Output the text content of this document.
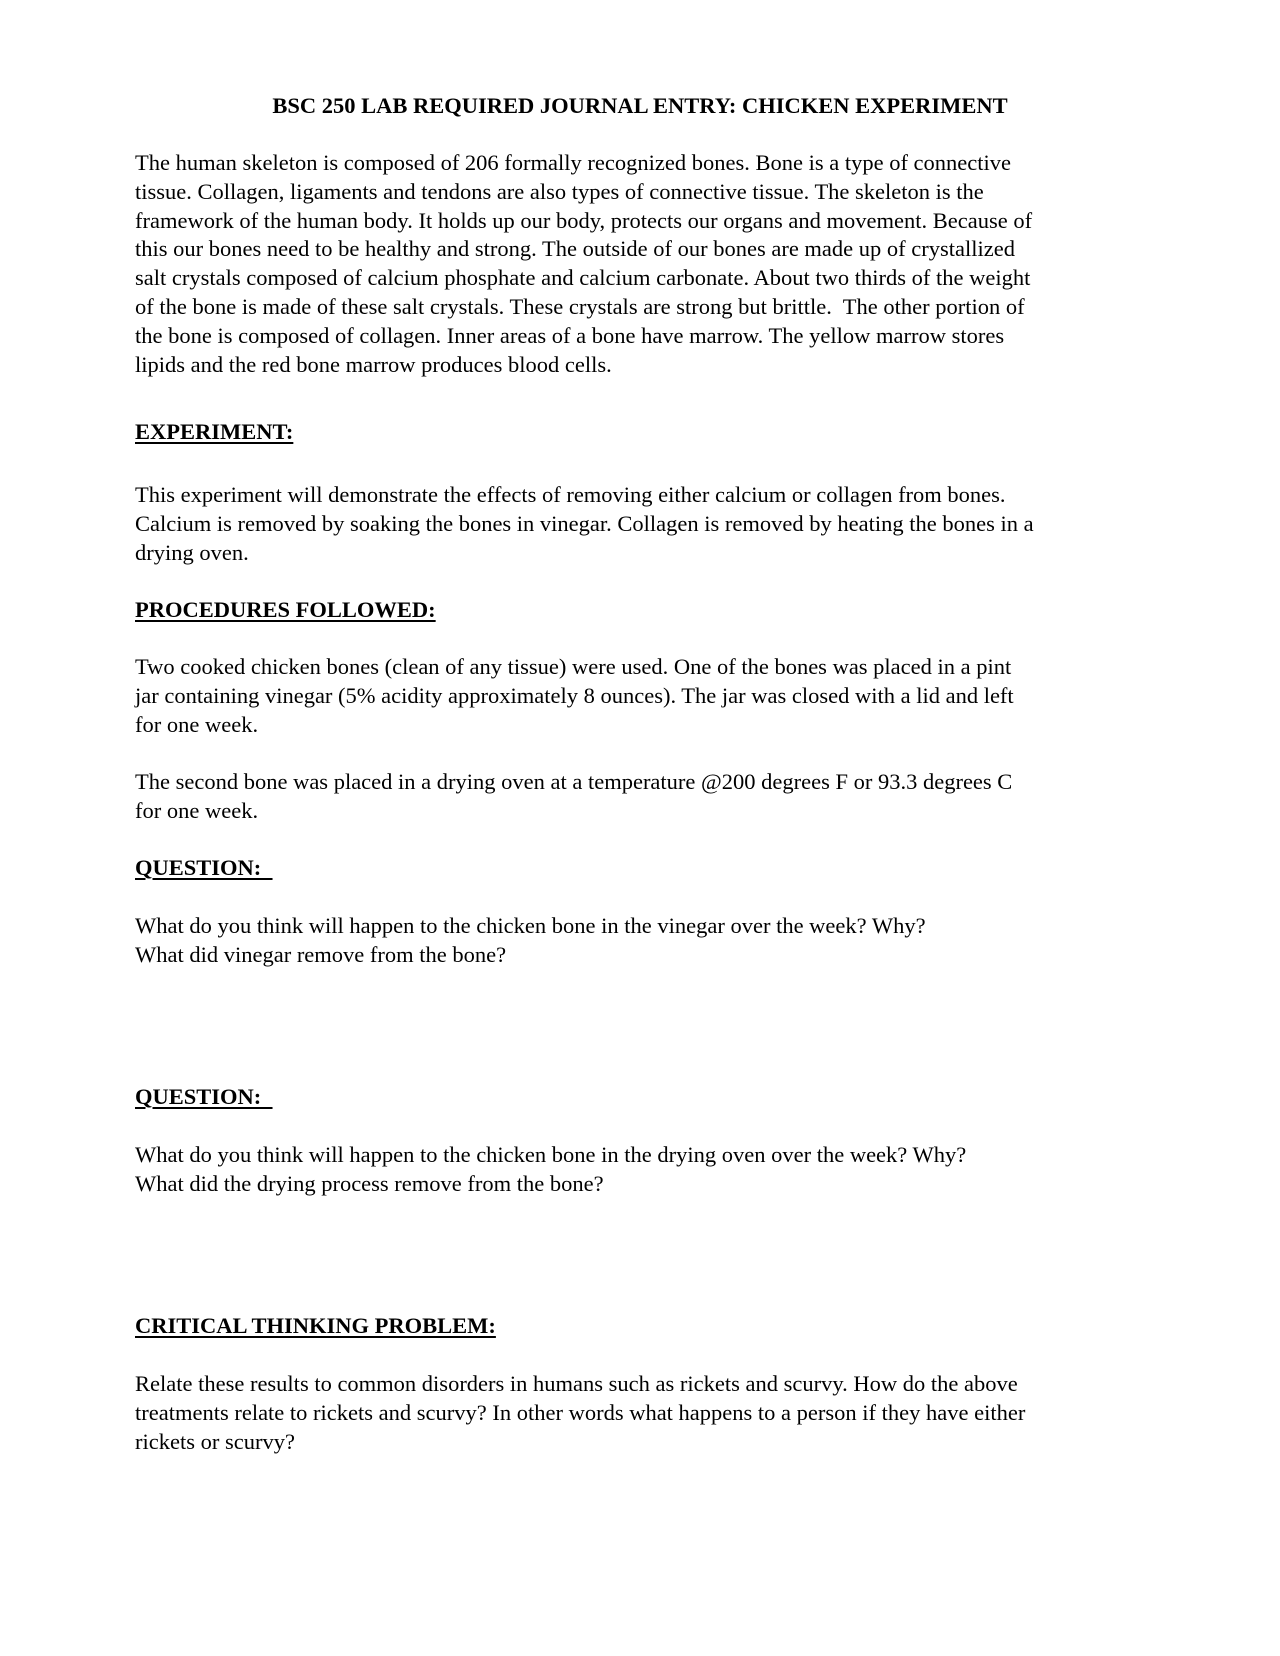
BSC 250 LAB REQUIRED JOURNAL ENTRY: CHICKEN EXPERIMENT
The human skeleton is composed of 206 formally recognized bones. Bone is a type of connective
tissue. Collagen, ligaments and tendons are also types of connective tissue. The skeleton is the
framework of the human body. It holds up our body, protects our organs and movement. Because of
this our bones need to be healthy and strong. The outside of our bones are made up of crystallized
salt crystals composed of calcium phosphate and calcium carbonate. About two thirds of the weight
of the bone is made of these salt crystals. These crystals are strong but brittle.  The other portion of
the bone is composed of collagen. Inner areas of a bone have marrow. The yellow marrow stores
lipids and the red bone marrow produces blood cells.
EXPERIMENT:
This experiment will demonstrate the effects of removing either calcium or collagen from bones.
Calcium is removed by soaking the bones in vinegar. Collagen is removed by heating the bones in a
drying oven.
PROCEDURES FOLLOWED:
Two cooked chicken bones (clean of any tissue) were used. One of the bones was placed in a pint
jar containing vinegar (5% acidity approximately 8 ounces). The jar was closed with a lid and left
for one week.
The second bone was placed in a drying oven at a temperature @200 degrees F or 93.3 degrees C
for one week.
QUESTION:
What do you think will happen to the chicken bone in the vinegar over the week? Why?
What did vinegar remove from the bone?
QUESTION:
What do you think will happen to the chicken bone in the drying oven over the week? Why?
What did the drying process remove from the bone?
CRITICAL THINKING PROBLEM:
Relate these results to common disorders in humans such as rickets and scurvy. How do the above
treatments relate to rickets and scurvy? In other words what happens to a person if they have either
rickets or scurvy?
